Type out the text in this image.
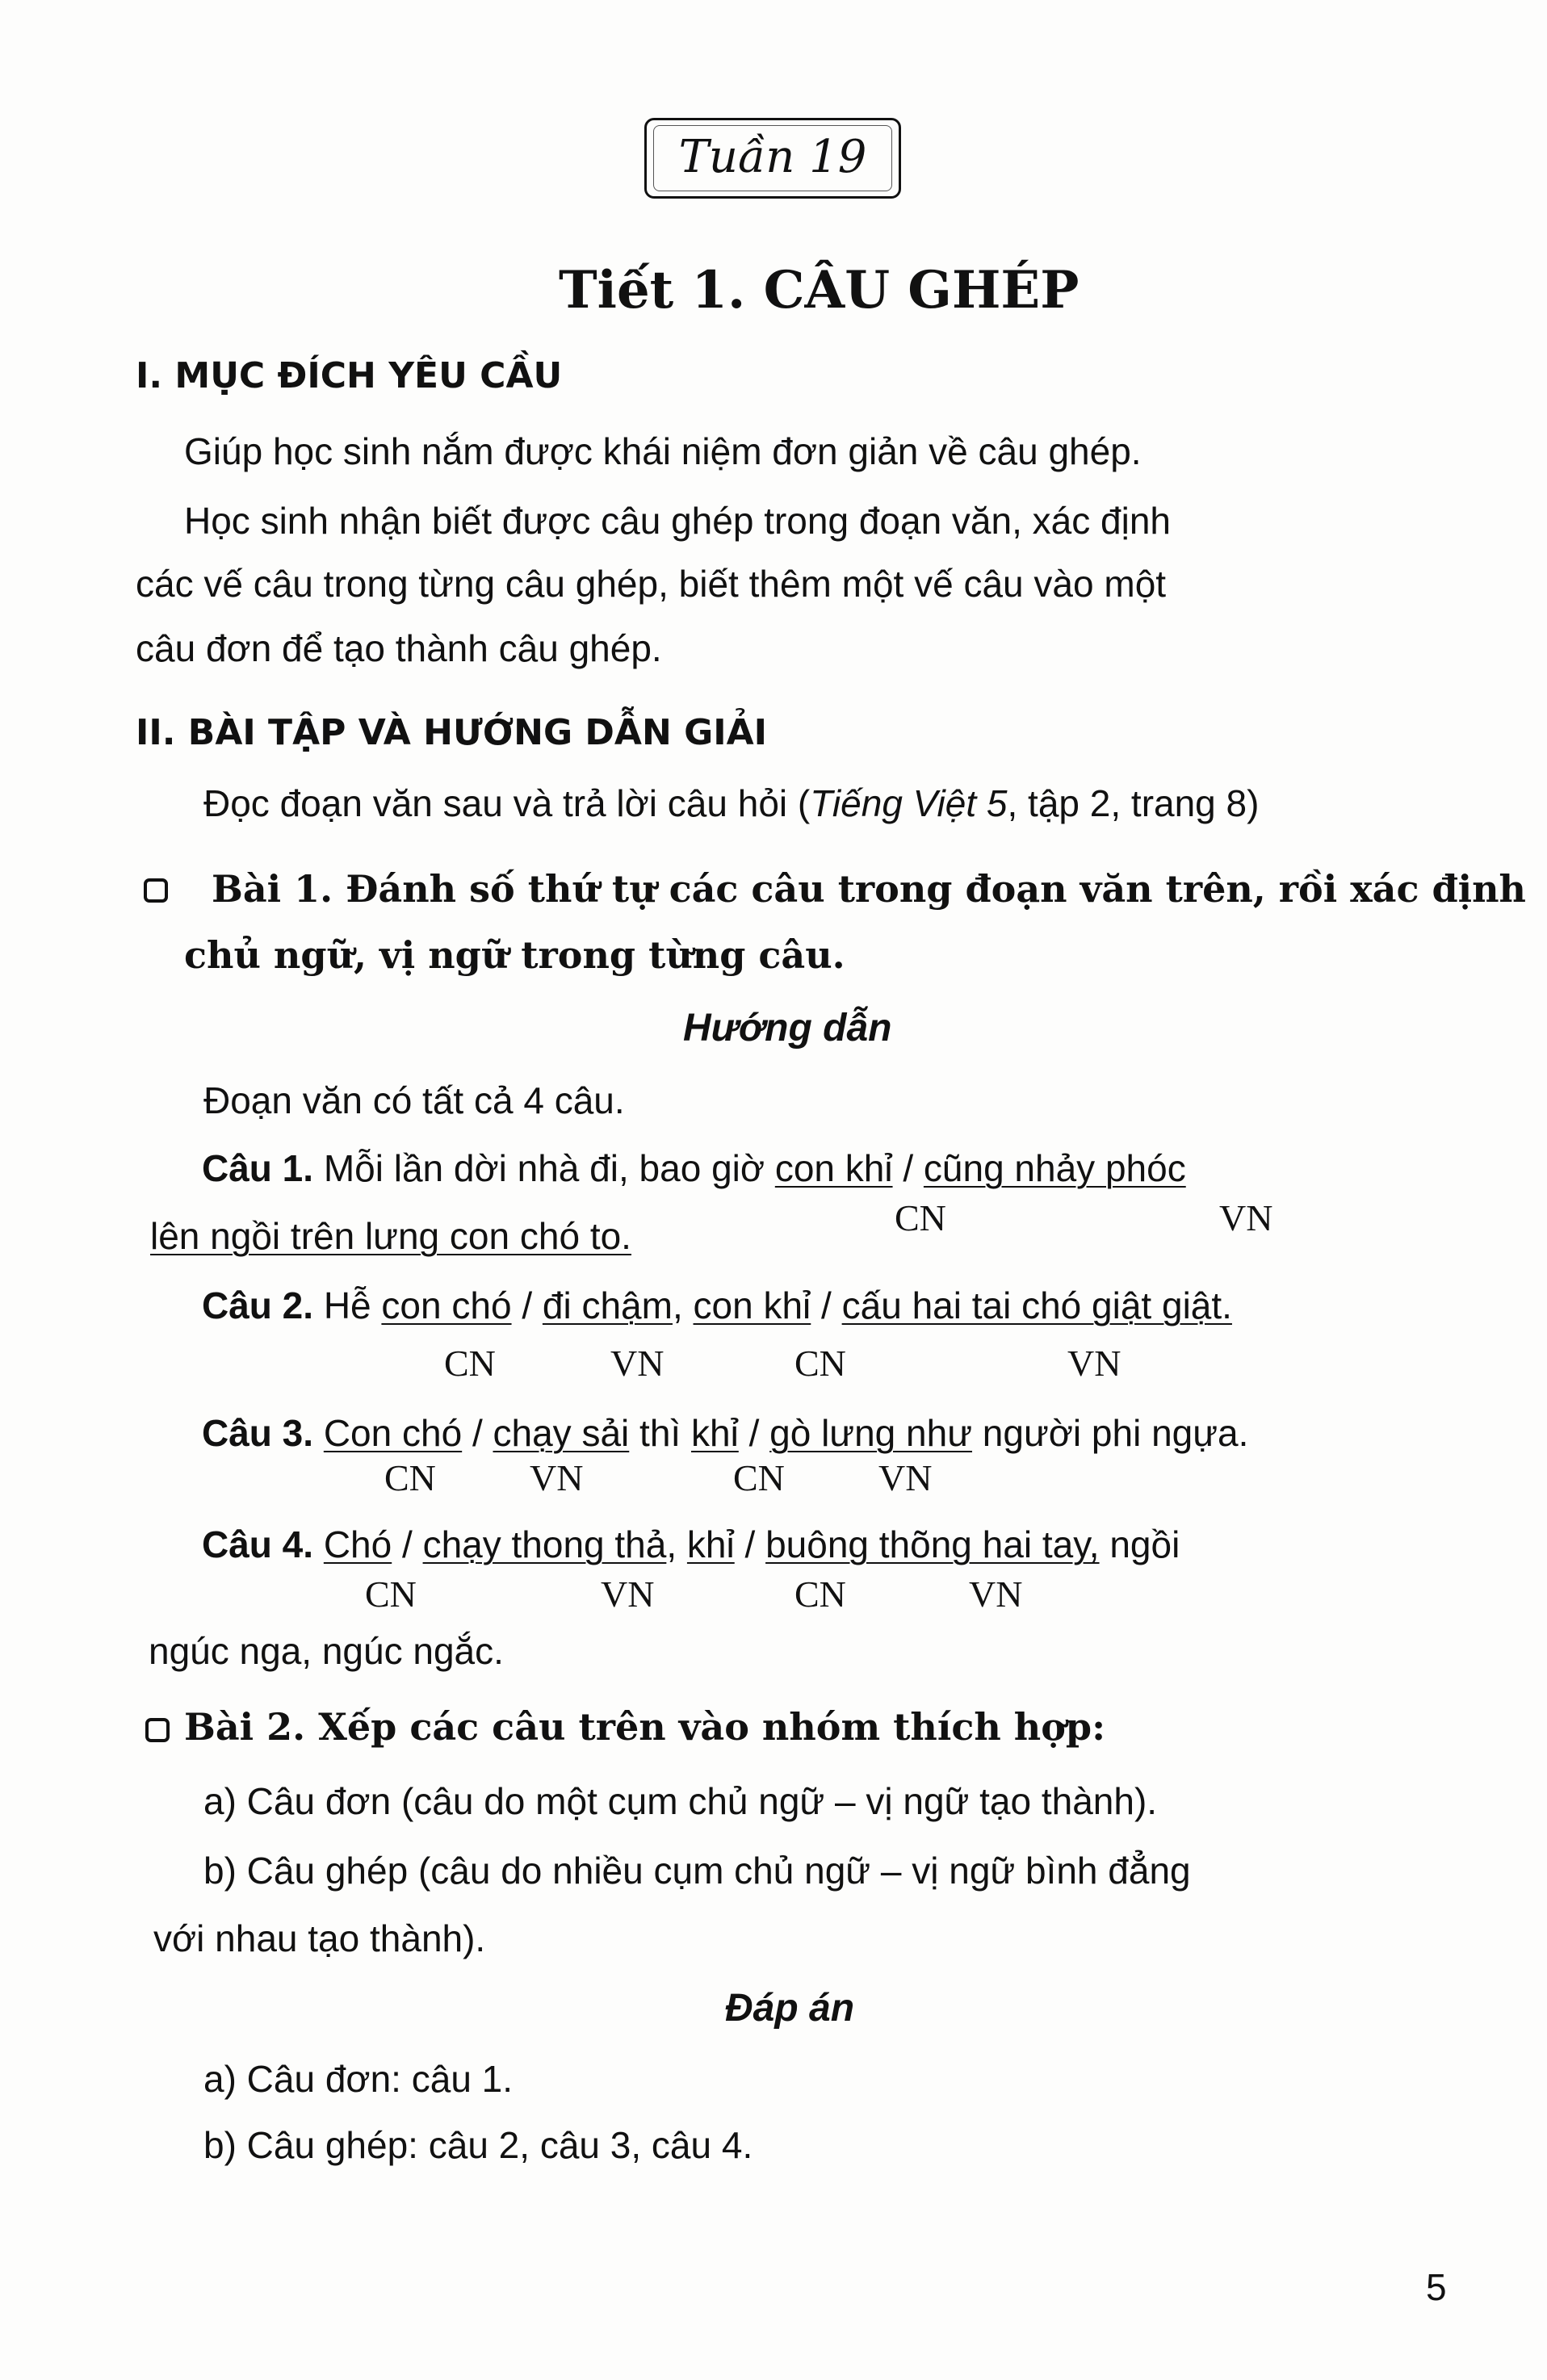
Tuần 19
Tiết 1. CÂU GHÉP
I. MỤC ĐÍCH YÊU CẦU
Giúp học sinh nắm được khái niệm đơn giản về câu ghép.
Học sinh nhận biết được câu ghép trong đoạn văn, xác định
các vế câu trong từng câu ghép, biết thêm một vế câu vào một
câu đơn để tạo thành câu ghép.
II. BÀI TẬP VÀ HƯỚNG DẪN GIẢI
Đọc đoạn văn sau và trả lời câu hỏi (Tiếng Việt 5, tập 2, trang 8)
Bài 1. Đánh số thứ tự các câu trong đoạn văn trên, rồi xác định
chủ ngữ, vị ngữ trong từng câu.
Hướng dẫn
Đoạn văn có tất cả 4 câu.
Câu 1. Mỗi lần dời nhà đi, bao giờ con khỉ / cũng nhảy phóc
lên ngồi trên lưng con chó to.	CN	VN
Câu 2. Hễ con chó / đi chậm, con khỉ / cấu hai tai chó giật giật.
CN	VN	CN	VN
Câu 3. Con chó / chạy sải thì khỉ / gò lưng như người phi ngựa.
CN	VN	CN	VN
Câu 4. Chó / chạy thong thả, khỉ / buông thõng hai tay, ngồi
CN	VN	CN	VN
ngúc nga, ngúc ngắc.
Bài 2. Xếp các câu trên vào nhóm thích hợp:
a) Câu đơn (câu do một cụm chủ ngữ – vị ngữ tạo thành).
b) Câu ghép (câu do nhiều cụm chủ ngữ – vị ngữ bình đẳng
với nhau tạo thành).
Đáp án
a) Câu đơn: câu 1.
b) Câu ghép: câu 2, câu 3, câu 4.
5
